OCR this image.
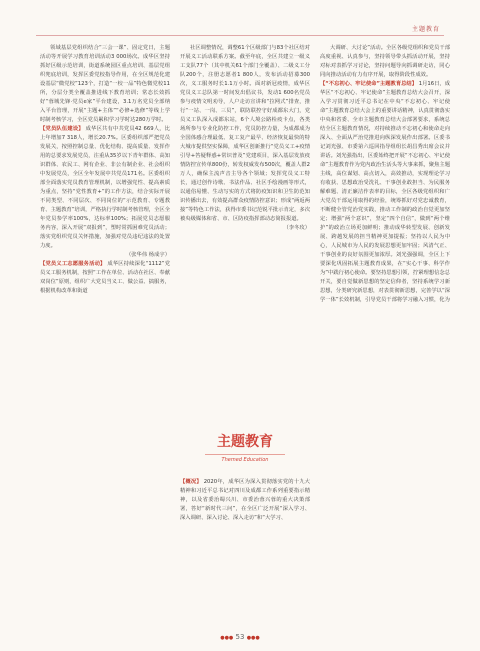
主题教育

领域基层党组织结合“三会一课”、固定党日，主题活动等开展学习教育培训活动3 000场次。成华区坚持抓好区级示范培训，街道系统园区重点培训、基层党组织兜底培训，发挥区委党校指导作用，在全区规范化建设基层“微党校”123个，打造“一校一品”特色微党校11所，分层分类全覆盖推进线下教育培训；常态长效抓好“蓉城先锋·党员e家”平台建设，3.1万名党员全部纳入平台管理，开展“主题+主体”“必修+选修”等线上学时制考核学习，全区党员累积学习学时达280万学时。

【党员队伍建设】 成华区共有中共党员42 669人，比上年增加7 318人，增长20.7%。区委组织部严把党员发展关，按照控制总量、优化结构、提高质量、发挥作用的总要求发展党员，注重从35岁以下青年群体、高知识群体、农民工、网有企业、非公有制企业、社会组织中发展党员，全区全年发展中共党员171名。区委组织部全面落实党员教育管理机制，以增强党性、提高素质为重点，坚持“党性教育+”的工作方法，结合实际开展不同类型、不同层次、不同岗位的“示范教育、专题教育、主题教育”培训，严格执行学时制考核管理，全区全年党员参学率100%，达标率100%；拓展党员志愿服务内容，深入开展“双报到”，塑时常抓困难党员活动；落实党组织党员关怀措施，加强对党员违纪违法的处置力度。

（张华伟 杨成宇）

【党员义工志愿服务活动】 成华区持续深化“1112”党员义工服务机制，按照“工作在单位、活动在社区、奉献双岗位”原则，组织广大党员当义工、做公益、搞服务，根据机构改革和街道

社区调整情况，调整61个区级部门与83个社区结对开展义工活动联系方案。截至年底，全区共建立一级义工支队77个（其中机关61个部门全覆盖）、二级义工分队200个，注册志愿者1 800人，发布活动招募300次，义工服务时长1.1万小时。面对新冠疫情，成华区党员义工总队第一时间发出倡议书，发动1 600名党员参与疫情文明劝导，人户走访宣讲和“拉网式”排查，推行“一站、一岗、三员”，联防联控守好成都东大门，党员义工队深入成都东站，6个人境公路检疫卡点，各类场所参与专业化防控工作，党员防控力量，为成都成为全国体感合理最低、复工复产最早、经济恢复最快的特大城市提供坚实保障，成华区创新推行“党员义工+疫情引导+答疑释惑+常识普及”党建项目，深入基层发放疫情防控宣传单800份，转发权威发布500次，覆盖人群2万人，确保主流声音主导各个领域；发挥党员义工特长，通过创作诗歌、书法作品、社区手绘漫画等形式，以通俗易懂、生动写实的方式将防疫知识和卫生防范知识传播出去，有效提高群众疫情防控意识；形成“两返两接”等特色工作法，获得市委书记范锐平批示肯定，多次被央级媒体和省、市、区防疫指挥部动态简报报道。

（李冬玫）

主题教育
Themed Education

【概况】 2020年，成华区为深入贯彻落实党的十九大精神和习近平总书记对四川及成都工作系列重要指示精神，以及省委治蜀兴川、市委治蓉兴蓉的重大决策部署，答好“新时代三问”，在全区广泛开展“深入学习、深入调研、深入讨论、深入走访”和“大学习、

大调研、大讨论”活动。全区各级党组织和党员干部高度重视、认真参与，坚持领导带头抓活动开展，坚持对标对表抓学习讨论，坚持问题导向抓调研走访，同心同向推动活动有力有序开展，取得阶段性成效。

【“不忘初心、牢记使命”主题教育总结】 1月16日，成华区“不忘初心、牢记使命”主题教育总结大会召开，深入学习贯彻习近平总书记在中央“不忘初心、牢记使命”主题教育总结大会上的重要讲话精神，认真贯彻落实中央和省委、全市主题教育总结大会部署要求，系统总结全区主题教育情况，对持续推动不忘初心和使命走向深入、全面从严治党推进向纵深发展作出部署。区委书记刘光强、市委第六巡回指导组组长胡昌秀出席会议并讲话。刘光强指出，区委始终把开展“不忘初心、牢记使命”主题教育作为党内政治生活头等大事来抓，聚焦主题主线，高位谋划、高点切入，高效推动，实现理论学习有收获、思想政治受洗礼、干事创业敢担当、为民服务解难题、清正廉洁作表率的目标，全区各级党组织和广大党员干部运用取得的经验，统筹抓好对党忠诚教育，不断健全管党治党实践，推动工作制的政治自觉更加坚定；增强“两个意识”，坚定“四个自信”，做到“两个维护”的政治立场更加鲜明；推动成华转型发展、创新发展、跨越发展的担当精神更加提振；坚持以人民为中心，人民城市为人民的发展思想更加牢固；风清气正、干事创业的良好氛围更加浓厚。刘光强强调，全区上下要深化巩固拓展主题教育成果，在“实心干事、科学作为”中践行初心使命。要坚持思想引领，拧紧理想信念总开关，要自觉做新思想的坚定信仰者，坚持系统学习新思想，分类研究新思想，对表贯彻新思想，完善学以“深学一体”长效机制，引导党员干部将学习融入习惯，化为

●●● 53 ●●●
